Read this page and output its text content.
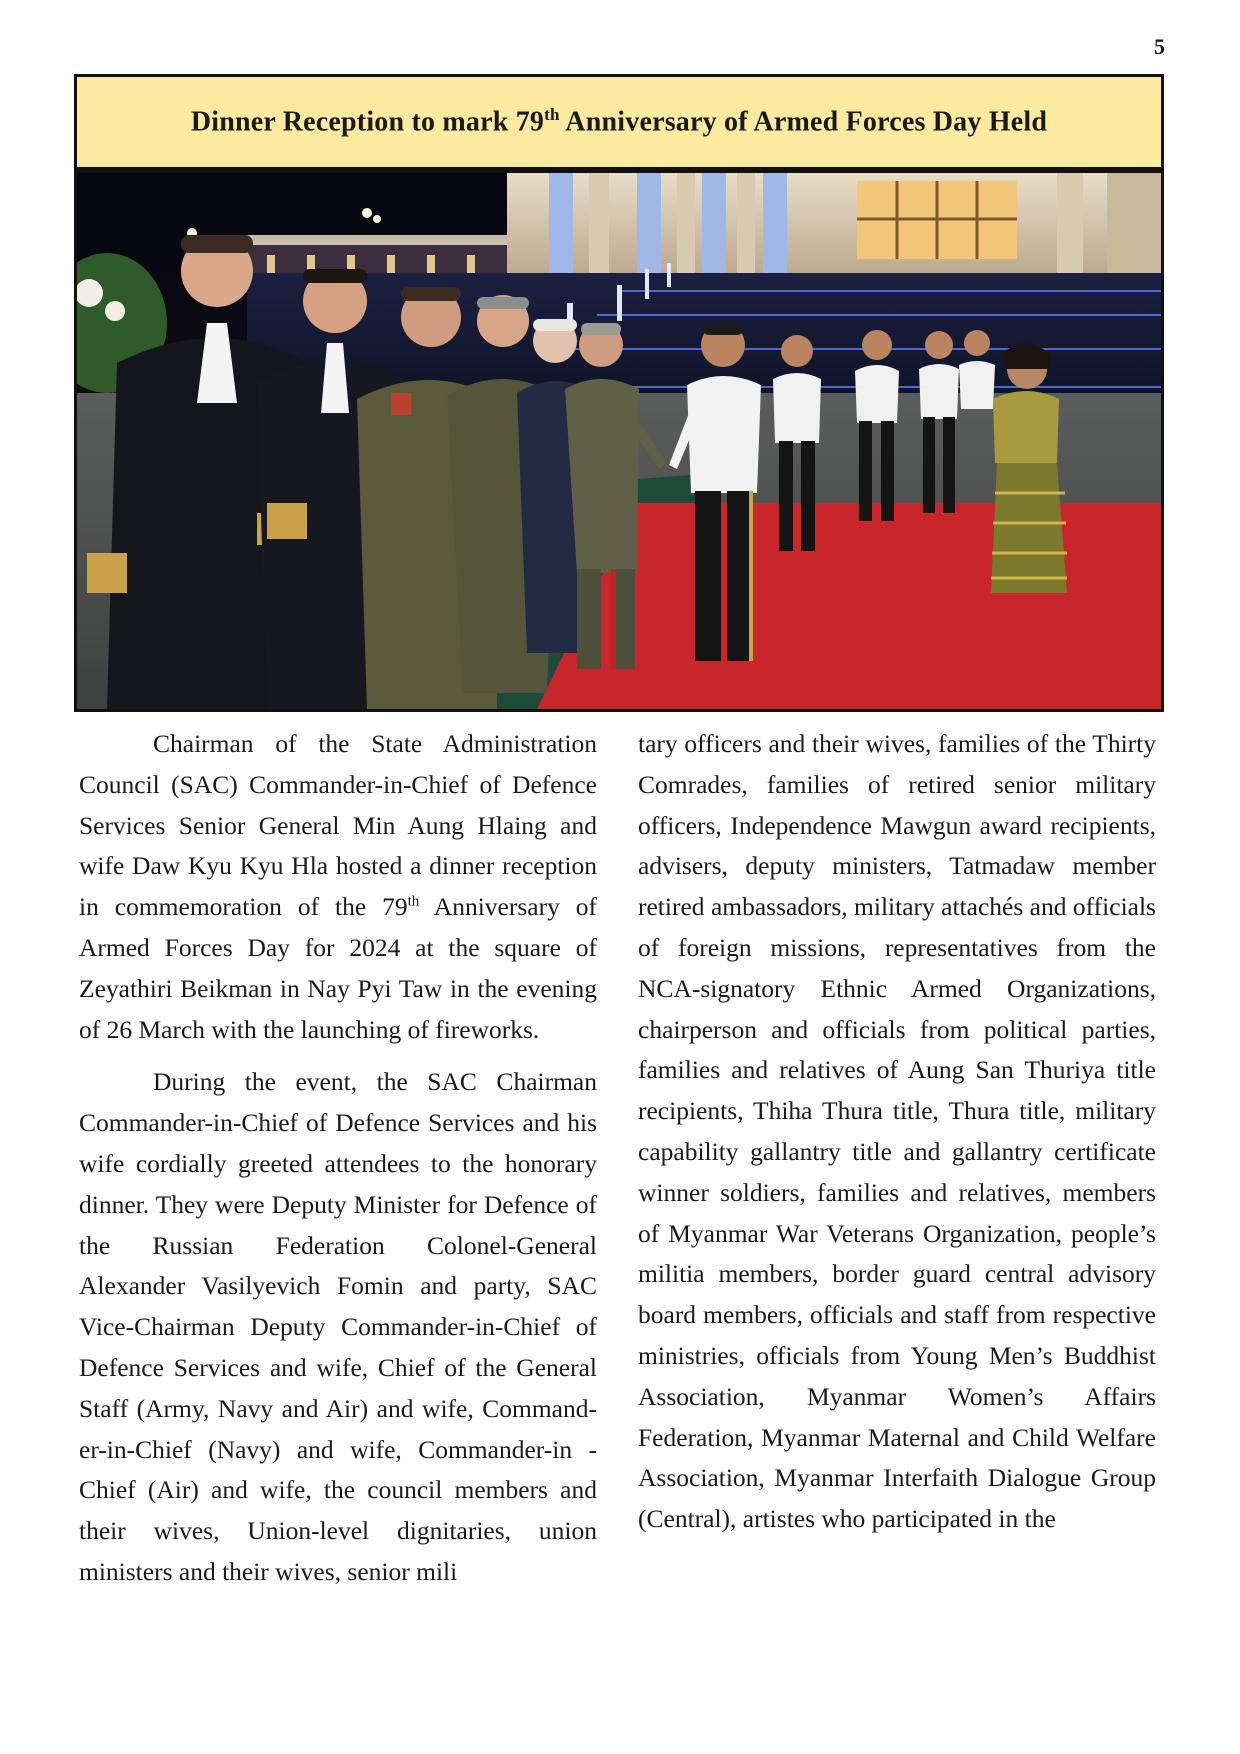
5
Dinner Reception to mark 79th Anniversary of Armed Forces Day Held

Chairman of the State Administration Council (SAC) Commander-in-Chief of Defence Services Senior General Min Aung Hlaing and wife Daw Kyu Kyu Hla hosted a dinner reception in commemoration of the 79th Anniversary of Armed Forces Day for 2024 at the square of Zeyathiri Beikman in Nay Pyi Taw in the evening of 26 March with the launching of fireworks.

During the event, the SAC Chairman Commander-in-Chief of Defence Services and his wife cordially greeted attendees to the honorary dinner. They were Deputy Minister for Defence of the Russian Federation Colonel-General Alexander Vasilyevich Fomin and party, SAC Vice-Chairman Deputy Commander-in-Chief of Defence Services and wife, Chief of the General Staff (Army, Navy and Air) and wife, Commander-in-Chief (Navy) and wife, Commander-in -Chief (Air) and wife, the council members and their wives, Union-level dignitaries, union ministers and their wives, senior mili

tary officers and their wives, families of the Thirty Comrades, families of retired senior military officers, Independence Mawgun award recipients, advisers, deputy ministers, Tatmadaw member retired ambassadors, military attachés and officials of foreign missions, representatives from the NCA-signatory Ethnic Armed Organizations, chairperson and officials from political parties, families and relatives of Aung San Thuriya title recipients, Thiha Thura title, Thura title, military capability gallantry title and gallantry certificate winner soldiers, families and relatives, members of Myanmar War Veterans Organization, people’s militia members, border guard central advisory board members, officials and staff from respective ministries, officials from Young Men’s Buddhist Association, Myanmar Women’s Affairs Federation, Myanmar Maternal and Child Welfare Association, Myanmar Interfaith Dialogue Group (Central), artistes who participated in the
